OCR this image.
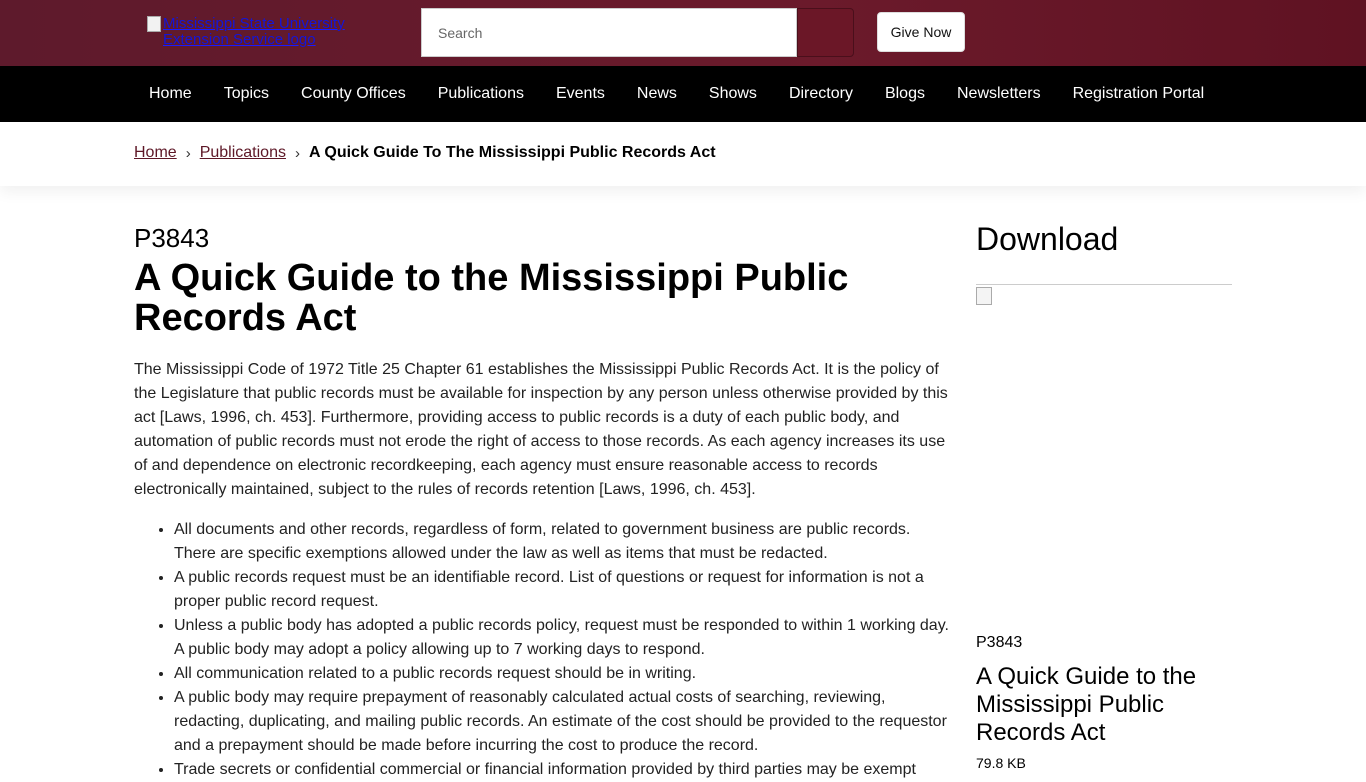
Mississippi State University Extension Service logo
Search	Give Now
Home Topics County Offices Publications Events News Shows Directory Blogs Newsletters Registration Portal
Home › Publications › A Quick Guide To The Mississippi Public Records Act
P3843
A Quick Guide to the Mississippi Public Records Act

The Mississippi Code of 1972 Title 25 Chapter 61 establishes the Mississippi Public Records Act. It is the policy of the Legislature that public records must be available for inspection by any person unless otherwise provided by this act [Laws, 1996, ch. 453]. Furthermore, providing access to public records is a duty of each public body, and automation of public records must not erode the right of access to those records. As each agency increases its use of and dependence on electronic recordkeeping, each agency must ensure reasonable access to records electronically maintained, subject to the rules of records retention [Laws, 1996, ch. 453].

• All documents and other records, regardless of form, related to government business are public records. There are specific exemptions allowed under the law as well as items that must be redacted.
• A public records request must be an identifiable record. List of questions or request for information is not a proper public record request.
• Unless a public body has adopted a public records policy, request must be responded to within 1 working day. A public body may adopt a policy allowing up to 7 working days to respond.
• All communication related to a public records request should be in writing.
• A public body may require prepayment of reasonably calculated actual costs of searching, reviewing, redacting, duplicating, and mailing public records. An estimate of the cost should be provided to the requestor and a prepayment should be made before incurring the cost to produce the record.
• Trade secrets or confidential commercial or financial information provided by third parties may be exempt
Download
P3843
A Quick Guide to the Mississippi Public Records Act
79.8 KB
